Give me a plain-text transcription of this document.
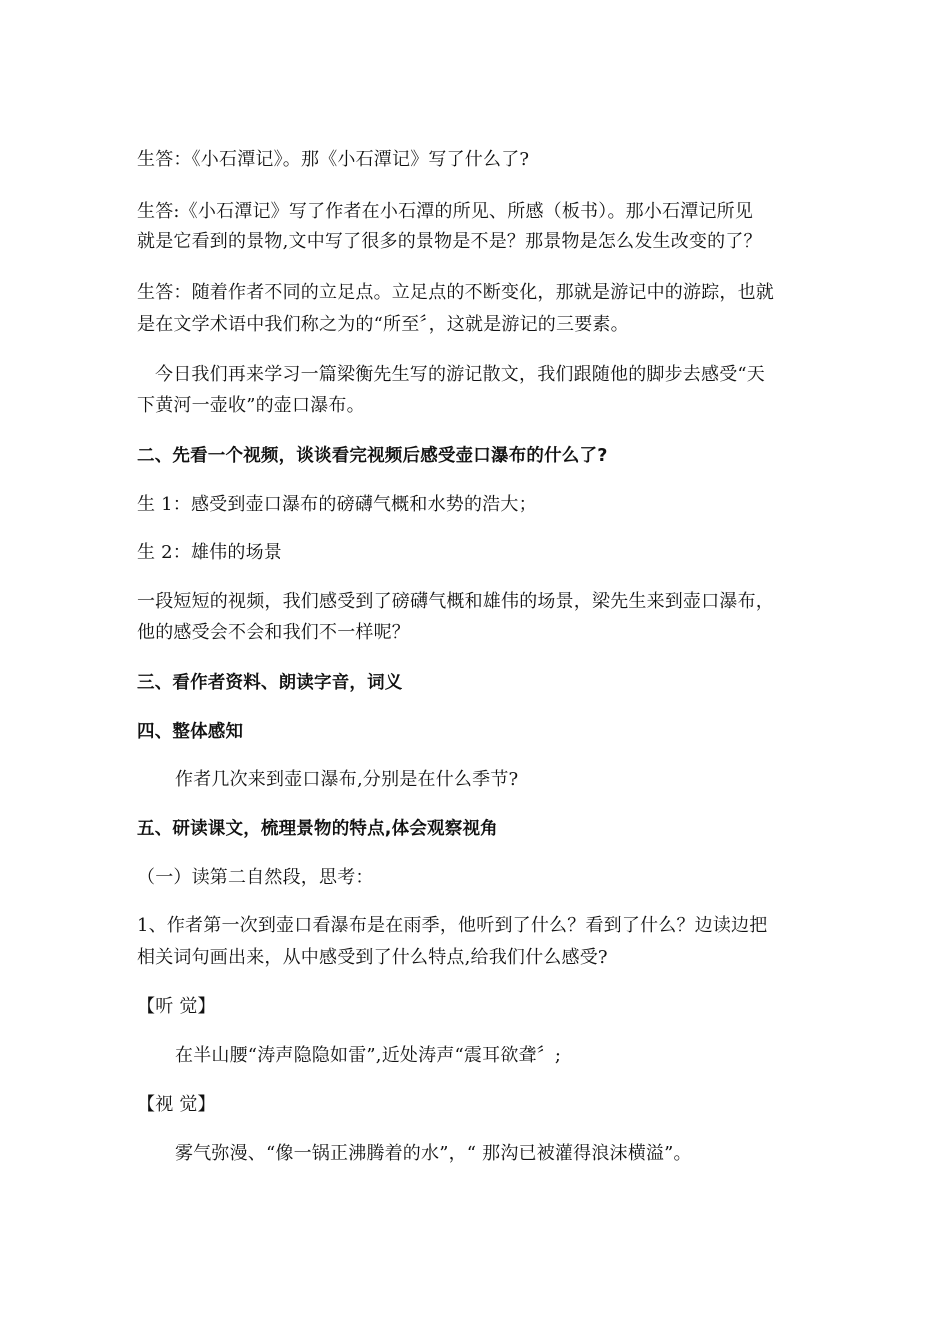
生答：《小石潭记》。那《小石潭记》写了什么了?
生答:《小石潭记》写了作者在小石潭的所见、所感（板书）。那小石潭记所见
就是它看到的景物,文中写了很多的景物是不是？那景物是怎么发生改变的了？
生答：随着作者不同的立足点。立足点的不断变化，那就是游记中的游踪，也就
是在文学术语中我们称之为的“所至〞，这就是游记的三要素。
今日我们再来学习一篇梁衡先生写的游记散文，我们跟随他的脚步去感受“天
下黄河一壶收”的壶口瀑布。
二、先看一个视频，谈谈看完视频后感受壶口瀑布的什么了?
生 1：感受到壶口瀑布的磅礴气概和水势的浩大；
生 2：雄伟的场景
一段短短的视频，我们感受到了磅礴气概和雄伟的场景，梁先生来到壶口瀑布，
他的感受会不会和我们不一样呢？
三、看作者资料、朗读字音，词义
四、整体感知
作者几次来到壶口瀑布,分别是在什么季节?
五、研读课文，梳理景物的特点,体会观察视角
（一）读第二自然段，思考：
1、作者第一次到壶口看瀑布是在雨季，他听到了什么？看到了什么？边读边把
相关词句画出来，从中感受到了什么特点,给我们什么感受?
【听 觉】
在半山腰“涛声隐隐如雷”,近处涛声“震耳欲聋〞;
【视 觉】
雾气弥漫、“像一锅正沸腾着的水”，“ 那沟已被灌得浪沫横溢”。
